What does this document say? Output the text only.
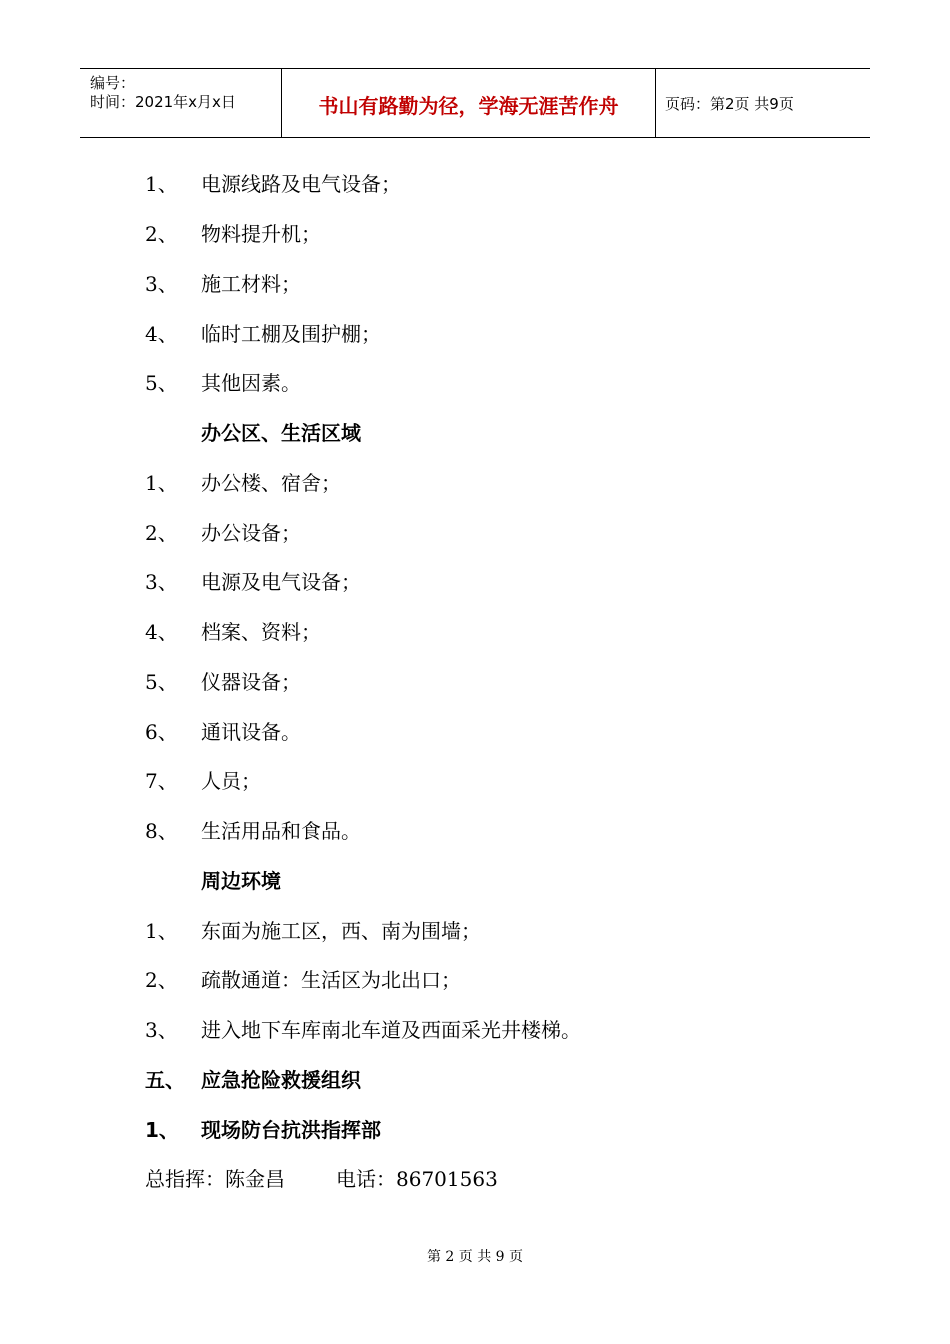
编号：
时间：2021年x月x日	书山有路勤为径，学海无涯苦作舟	页码：第2页 共9页
1、 电源线路及电气设备；
2、 物料提升机；
3、 施工材料；
4、 临时工棚及围护棚；
5、 其他因素。
办公区、生活区域
1、 办公楼、宿舍；
2、 办公设备；
3、 电源及电气设备；
4、 档案、资料；
5、 仪器设备；
6、 通讯设备。
7、 人员；
8、 生活用品和食品。
周边环境
1、 东面为施工区，西、南为围墙；
2、 疏散通道：生活区为北出口；
3、 进入地下车库南北车道及西面采光井楼梯。
五、 应急抢险救援组织
1、 现场防台抗洪指挥部
总指挥：陈金昌	电话：86701563
第 2 页 共 9 页
